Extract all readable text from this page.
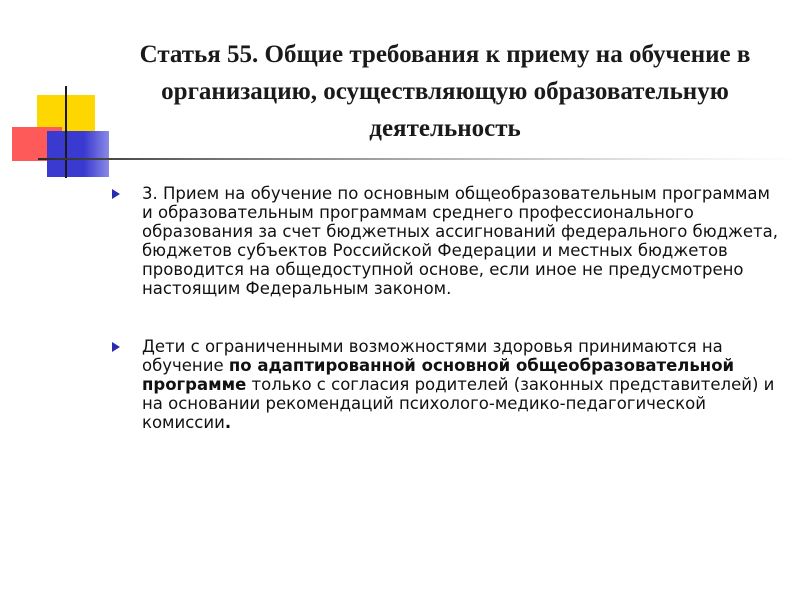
Статья 55. Общие требования к приему на обучение в организацию, осуществляющую образовательную деятельность
3. Прием на обучение по основным общеобразовательным программам и образовательным программам среднего профессионального образования за счет бюджетных ассигнований федерального бюджета, бюджетов субъектов Российской Федерации и местных бюджетов проводится на общедоступной основе, если иное не предусмотрено настоящим Федеральным законом.
Дети с ограниченными возможностями здоровья принимаются на обучение по адаптированной основной общеобразовательной программе только с согласия родителей (законных представителей) и на основании рекомендаций психолого-медико-педагогической комиссии.
